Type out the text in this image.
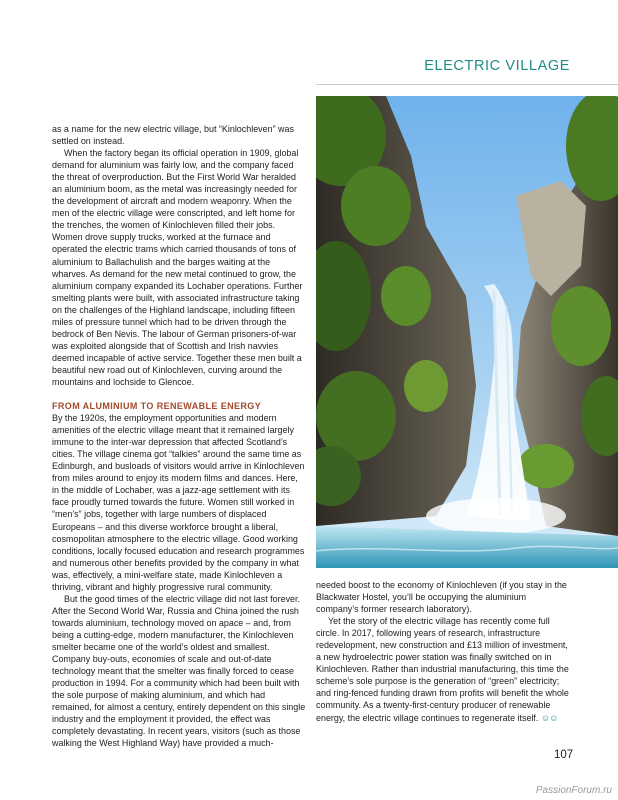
ELECTRIC VILLAGE

as a name for the new electric village, but “Kinlochleven” was settled on instead.

When the factory began its official operation in 1909, global demand for aluminium was fairly low, and the company faced the threat of overproduction. But the First World War heralded an aluminium boom, as the metal was increasingly needed for the development of aircraft and modern weaponry. When the men of the electric village were conscripted, and left home for the trenches, the women of Kinlochleven filled their jobs. Women drove supply trucks, worked at the furnace and operated the electric trams which carried thousands of tons of aluminium to Ballachulish and the barges waiting at the wharves. As demand for the new metal continued to grow, the aluminium company expanded its Lochaber operations. Further smelting plants were built, with associated infrastructure taking on the challenges of the Highland landscape, including fifteen miles of pressure tunnel which had to be driven through the bedrock of Ben Nevis. The labour of German prisoners-of-war was exploited alongside that of Scottish and Irish navvies deemed incapable of active service. Together these men built a beautiful new road out of Kinlochleven, curving around the mountains and lochside to Glencoe.

FROM ALUMINIUM TO RENEWABLE ENERGY

By the 1920s, the employment opportunities and modern amenities of the electric village meant that it remained largely immune to the inter-war depression that affected Scotland’s cities. The village cinema got “talkies” around the same time as Edinburgh, and busloads of visitors would arrive in Kinlochleven from miles around to enjoy its modern films and dances. Here, in the middle of Lochaber, was a jazz-age settlement with its face proudly turned towards the future. Women still worked in “men’s” jobs, together with large numbers of displaced Europeans – and this diverse workforce brought a liberal, cosmopolitan atmosphere to the electric village. Good working conditions, locally focused education and research programmes and numerous other benefits provided by the company in what was, effectively, a mini-welfare state, made Kinlochleven a thriving, vibrant and highly progressive rural community.

But the good times of the electric village did not last forever. After the Second World War, Russia and China joined the rush towards aluminium, technology moved on apace – and, from being a cutting-edge, modern manufacturer, the Kinlochleven smelter became one of the world’s oldest and smallest. Company buy-outs, economies of scale and out-of-date technology meant that the smelter was finally forced to cease production in 1994. For a community which had been built with the sole purpose of making aluminium, and which had remained, for almost a century, entirely dependent on this single industry and the employment it provided, the effect was completely devastating. In recent years, visitors (such as those walking the West Highland Way) have provided a much-

needed boost to the economy of Kinlochleven (if you stay in the Blackwater Hostel, you’ll be occupying the aluminium company’s former research laboratory).

Yet the story of the electric village has recently come full circle. In 2017, following years of research, infrastructure redevelopment, new construction and £13 million of investment, a new hydroelectric power station was finally switched on in Kinlochleven. Rather than industrial manufacturing, this time the scheme’s sole purpose is the generation of “green” electricity; and ring-fenced funding drawn from profits will benefit the whole community. As a twenty-first-century producer of renewable energy, the electric village continues to regenerate itself. ☺☺

107
PassionForum.ru
